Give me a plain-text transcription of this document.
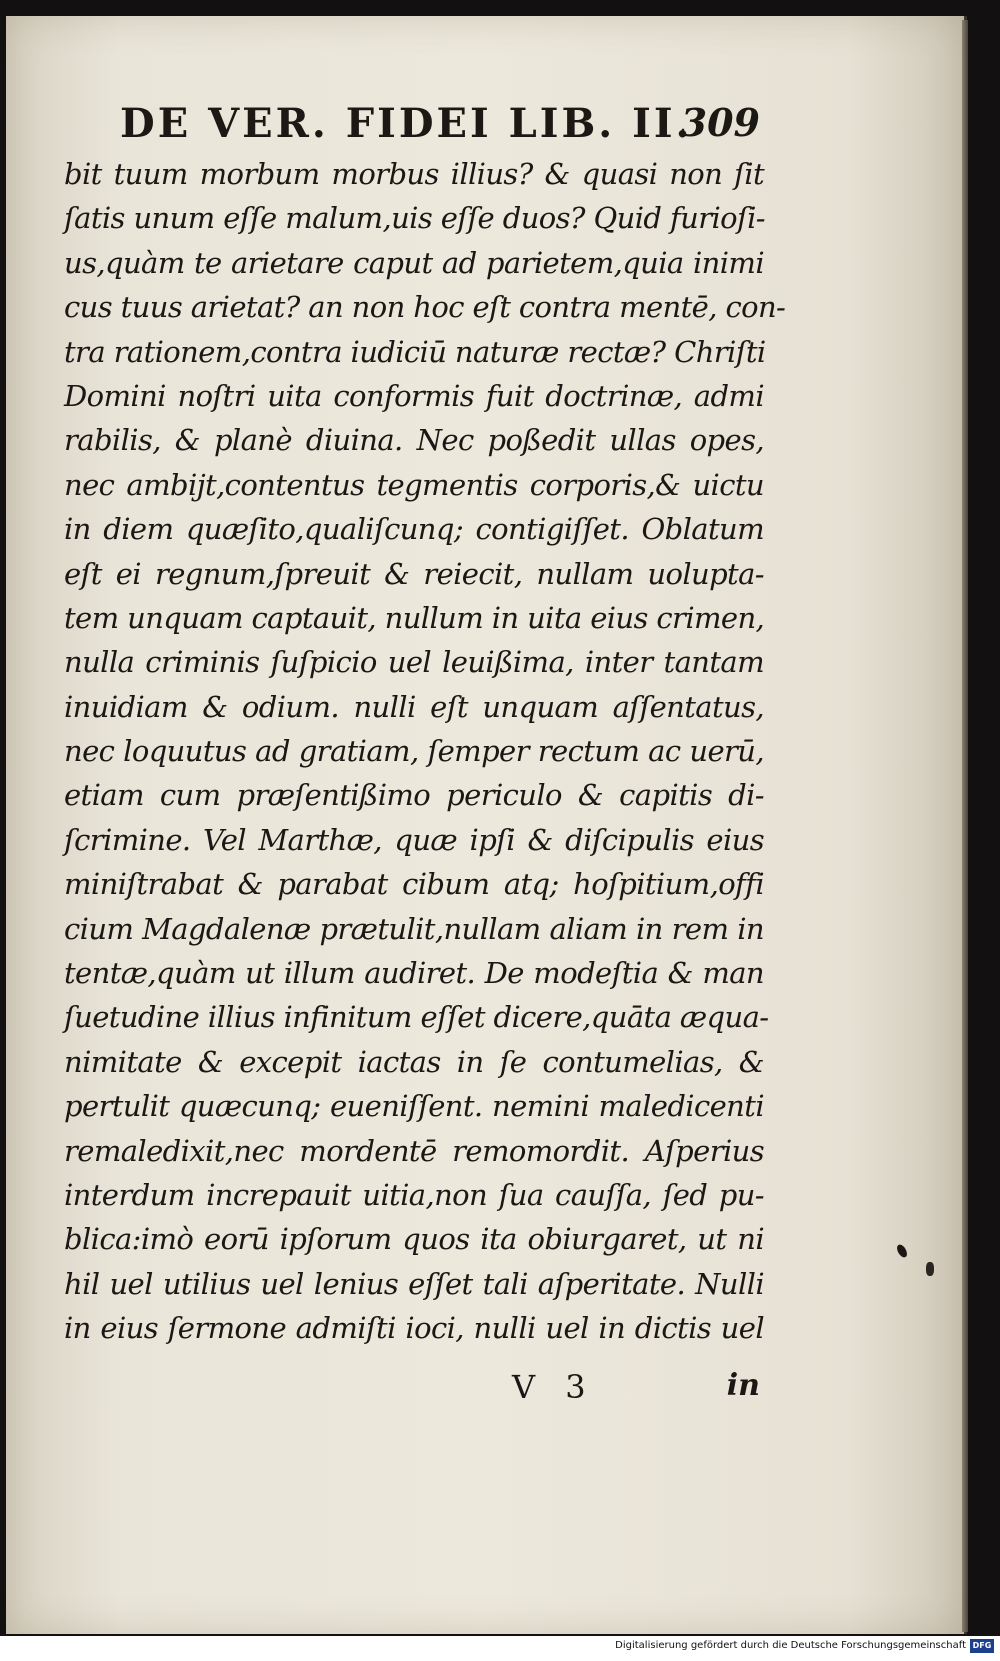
DE VER. FIDEI LIB. II.
309
bit tuum morbum morbus illius? & quasi non ſit
ſatis unum eſſe malum,uis eſſe duos? Quid furioſi-
us,quàm te arietare caput ad parietem,quia inimi
cus tuus arietat? an non hoc eſt contra mentē, con-
tra rationem,contra iudiciū naturæ rectæ? Chriſti
Domini noſtri uita conformis fuit doctrinæ, admi
rabilis, & planè diuina. Nec poßedit ullas opes,
nec ambijt,contentus tegmentis corporis,& uictu
in diem quæſito,qualiſcunq; contigiſſet. Oblatum
eſt ei regnum,ſpreuit & reiecit, nullam uolupta-
tem unquam captauit, nullum in uita eius crimen,
nulla criminis ſuſpicio uel leuißima, inter tantam
inuidiam & odium. nulli eſt unquam aſſentatus,
nec loquutus ad gratiam, ſemper rectum ac uerū,
etiam cum præſentißimo periculo & capitis di-
ſcrimine. Vel Marthæ, quæ ipſi & diſcipulis eius
miniſtrabat & parabat cibum atq; hoſpitium,offi
cium Magdalenæ prætulit,nullam aliam in rem in
tentæ,quàm ut illum audiret. De modeſtia & man
ſuetudine illius infinitum eſſet dicere,quāta æqua-
nimitate & excepit iactas in ſe contumelias, &
pertulit quæcunq; eueniſſent. nemini maledicenti
remaledixit,nec mordentē remomordit. Aſperius
interdum increpauit uitia,non ſua cauſſa, ſed pu-
blica:imò eorū ipſorum quos ita obiurgaret, ut ni
hil uel utilius uel lenius eſſet tali aſperitate. Nulli
in eius ſermone admiſti ioci, nulli uel in dictis uel
V 3	in
Digitalisierung gefördert durch die Deutsche Forschungsgemeinschaft DFG
